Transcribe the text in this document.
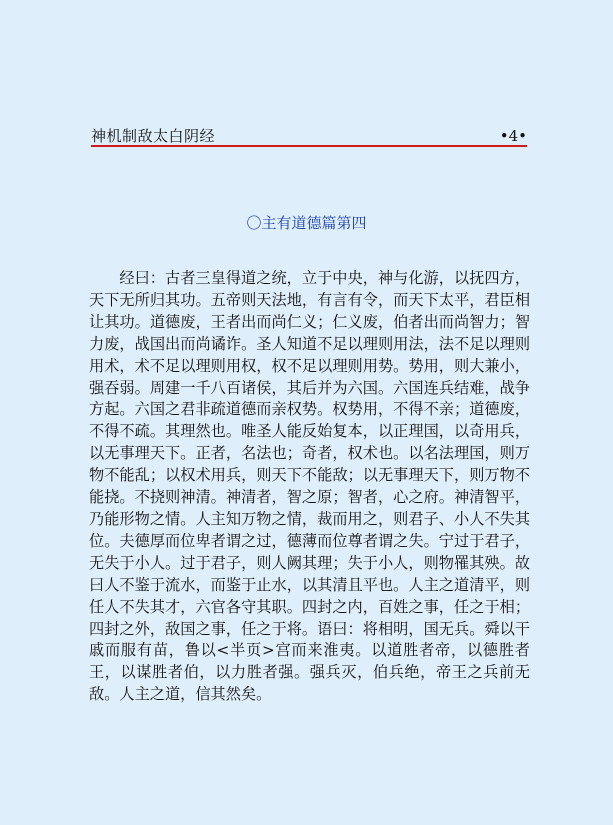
神机制敌太白阴经	•4•
〇主有道德篇第四

经曰：古者三皇得道之统，立于中央，神与化游，以抚四方，天下无所归其功。五帝则天法地，有言有令，而天下太平，君臣相让其功。道德废，王者出而尚仁义；仁义废，伯者出而尚智力；智力废，战国出而尚谲诈。圣人知道不足以理则用法，法不足以理则用术，术不足以理则用权，权不足以理则用势。势用，则大兼小，强吞弱。周建一千八百诸侯，其后并为六国。六国连兵结难，战争方起。六国之君非疏道德而亲权势。权势用，不得不亲；道德废，不得不疏。其理然也。唯圣人能反始复本，以正理国，以奇用兵，以无事理天下。正者，名法也；奇者，权术也。以名法理国，则万物不能乱；以权术用兵，则天下不能敌；以无事理天下，则万物不能挠。不挠则神清。神清者，智之原；智者，心之府。神清智平，乃能形物之情。人主知万物之情，裁而用之，则君子、小人不失其位。夫德厚而位卑者谓之过，德薄而位尊者谓之失。宁过于君子，无失于小人。过于君子，则人阙其理；失于小人，则物罹其殃。故曰人不鉴于流水，而鉴于止水，以其清且平也。人主之道清平，则任人不失其才，六官各守其职。四封之内，百姓之事，任之于相；四封之外，敌国之事，任之于将。语曰：将相明，国无兵。舜以干戚而服有苗，鲁以<半页>宫而来淮夷。以道胜者帝，以德胜者王，以谋胜者伯，以力胜者强。强兵灭，伯兵绝，帝王之兵前无敌。人主之道，信其然矣。
